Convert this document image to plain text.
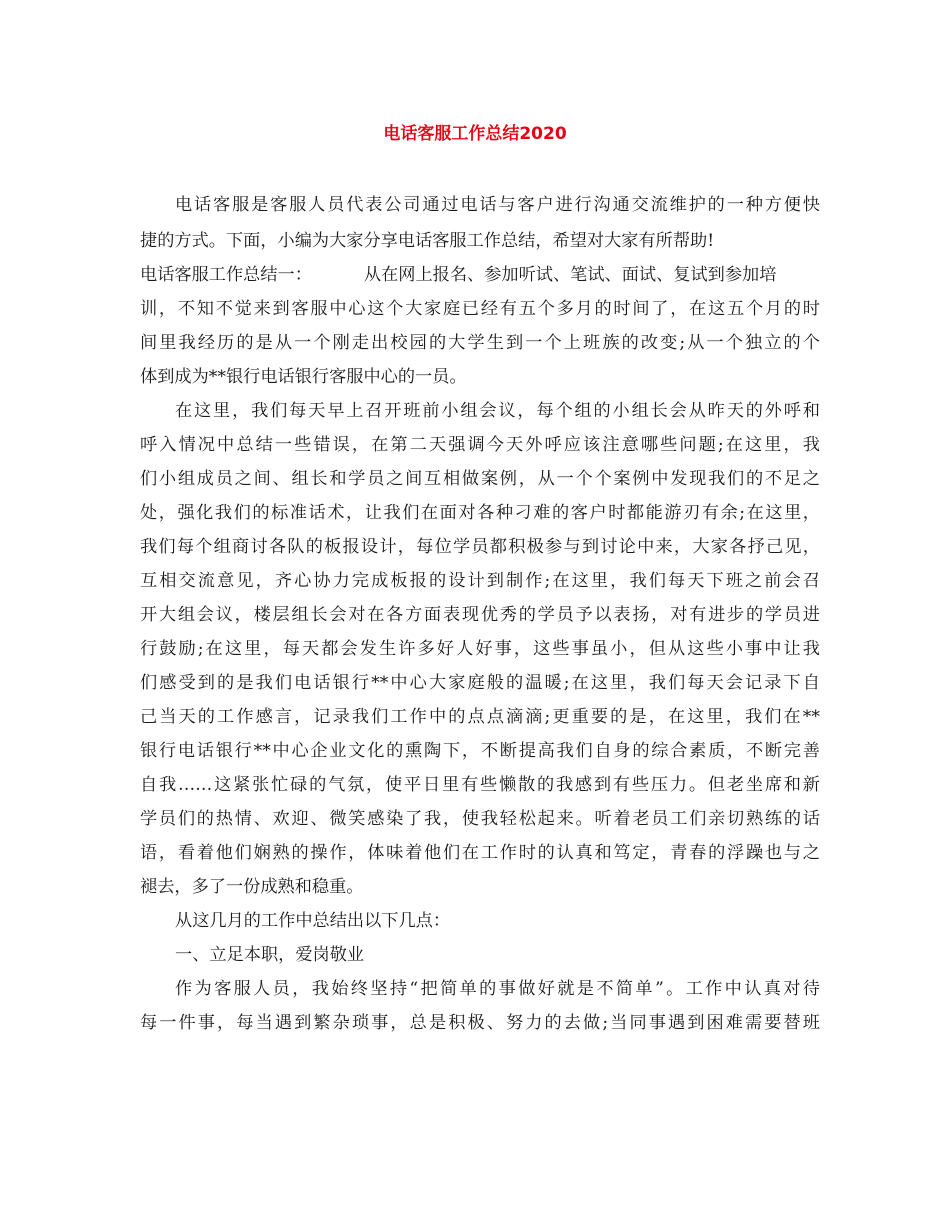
电话客服工作总结2020
电话客服是客服人员代表公司通过电话与客户进行沟通交流维护的一种方便快
捷的方式。下面，小编为大家分享电话客服工作总结，希望对大家有所帮助!
电话客服工作总结一：	从在网上报名、参加听试、笔试、面试、复试到参加培
训，不知不觉来到客服中心这个大家庭已经有五个多月的时间了，在这五个月的时
间里我经历的是从一个刚走出校园的大学生到一个上班族的改变;从一个独立的个
体到成为**银行电话银行客服中心的一员。
在这里，我们每天早上召开班前小组会议，每个组的小组长会从昨天的外呼和
呼入情况中总结一些错误，在第二天强调今天外呼应该注意哪些问题;在这里，我
们小组成员之间、组长和学员之间互相做案例，从一个个案例中发现我们的不足之
处，强化我们的标准话术，让我们在面对各种刁难的客户时都能游刃有余;在这里，
我们每个组商讨各队的板报设计，每位学员都积极参与到讨论中来，大家各抒己见，
互相交流意见，齐心协力完成板报的设计到制作;在这里，我们每天下班之前会召
开大组会议，楼层组长会对在各方面表现优秀的学员予以表扬，对有进步的学员进
行鼓励;在这里，每天都会发生许多好人好事，这些事虽小，但从这些小事中让我
们感受到的是我们电话银行**中心大家庭般的温暖;在这里，我们每天会记录下自
己当天的工作感言，记录我们工作中的点点滴滴;更重要的是，在这里，我们在**
银行电话银行**中心企业文化的熏陶下，不断提高我们自身的综合素质，不断完善
自我……这紧张忙碌的气氛，使平日里有些懒散的我感到有些压力。但老坐席和新
学员们的热情、欢迎、微笑感染了我，使我轻松起来。听着老员工们亲切熟练的话
语，看着他们娴熟的操作，体味着他们在工作时的认真和笃定，青春的浮躁也与之
褪去，多了一份成熟和稳重。
从这几月的工作中总结出以下几点：
一、立足本职，爱岗敬业
作为客服人员，我始终坚持“把简单的事做好就是不简单”。工作中认真对待
每一件事，每当遇到繁杂琐事，总是积极、努力的去做;当同事遇到困难需要替班
